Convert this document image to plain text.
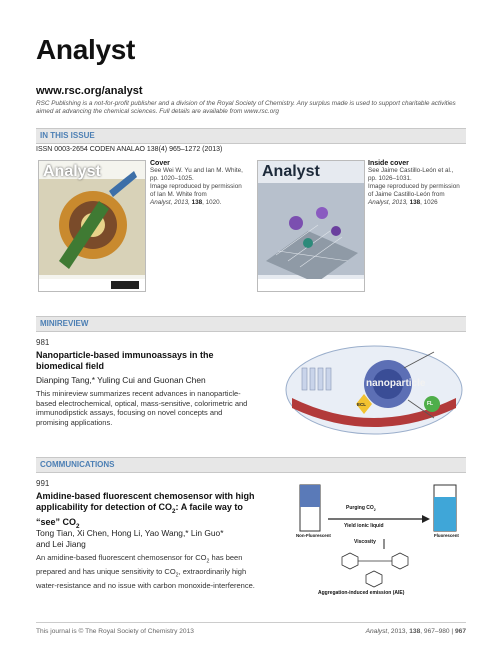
Analyst
www.rsc.org/analyst
RSC Publishing is a not-for-profit publisher and a division of the Royal Society of Chemistry. Any surplus made is used to support charitable activities aimed at advancing the chemical sciences. Full details are available from www.rsc.org
IN THIS ISSUE
ISSN 0003-2654 CODEN ANALAO 138(4) 965–1272 (2013)
Analyst	Cover
See Wei W. Yu and Ian M. White,
pp. 1020–1025.
Image reproduced by permission
of Ian M. White from
Analyst, 2013, 138, 1020.
Analyst	Inside cover
See Jaime Castillo-León et al.,
pp. 1026–1031.
Image reproduced by permission
of Jaime Castillo-León from
Analyst, 2013, 138, 1026
MINIREVIEW
981
Nanoparticle-based immunoassays in the biomedical field
Dianping Tang,* Yuling Cui and Guonan Chen
This minireview summarizes recent advances in nanoparticle-based electrochemical, optical, mass-sensitive, colorimetric and immunodipstick assays, focusing on novel concepts and promising applications.
nanoparticle
ECL	FL
COMMUNICATIONS
991
Amidine-based fluorescent chemosensor with high
applicability for detection of $CO_2$: A facile way to
“see” $CO_2$
Tong Tian, Xi Chen, Hong Li, Yao Wang,* Lin Guo*
and Lei Jiang
An amidine-based fluorescent chemosensor for $CO_2$ has been prepared and has unique sensitivity to $CO_2$, extraordinarily high water-resistance and no issue with carbon monoxide-interference.
Purging $CO_2$
Yield ionic liquid
Non-Fluorescent	Fluorescent
Viscosity
Aggregation-induced emission (AIE)
This journal is © The Royal Society of Chemistry 2013	Analyst, 2013, 138, 967–980 | 967
